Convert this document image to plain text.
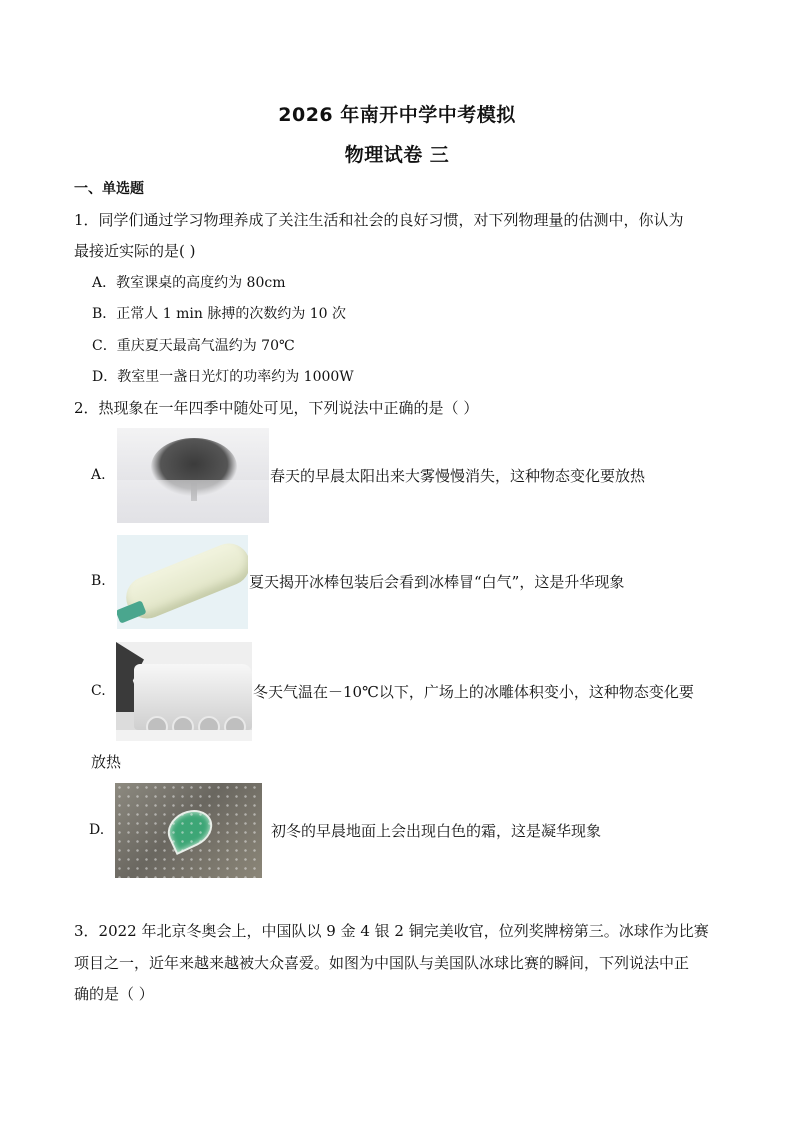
2026 年南开中学中考模拟
物理试卷 三
一、单选题
1．同学们通过学习物理养成了关注生活和社会的良好习惯，对下列物理量的估测中，你认为
最接近实际的是( )
A．教室课桌的高度约为 80cm
B．正常人 1 min 脉搏的次数约为 10 次
C．重庆夏天最高气温约为 70℃
D．教室里一盏日光灯的功率约为 1000W
2．热现象在一年四季中随处可见，下列说法中正确的是（ ）
A.	春天的早晨太阳出来大雾慢慢消失，这种物态变化要放热
B.	夏天揭开冰棒包装后会看到冰棒冒“白气”，这是升华现象
C.	冬天气温在－10℃以下，广场上的冰雕体积变小，这种物态变化要
放热
D.	初冬的早晨地面上会出现白色的霜，这是凝华现象
3．2022 年北京冬奥会上，中国队以 9 金 4 银 2 铜完美收官，位列奖牌榜第三。冰球作为比赛
项目之一，近年来越来越被大众喜爱。如图为中国队与美国队冰球比赛的瞬间，下列说法中正
确的是（ ）
